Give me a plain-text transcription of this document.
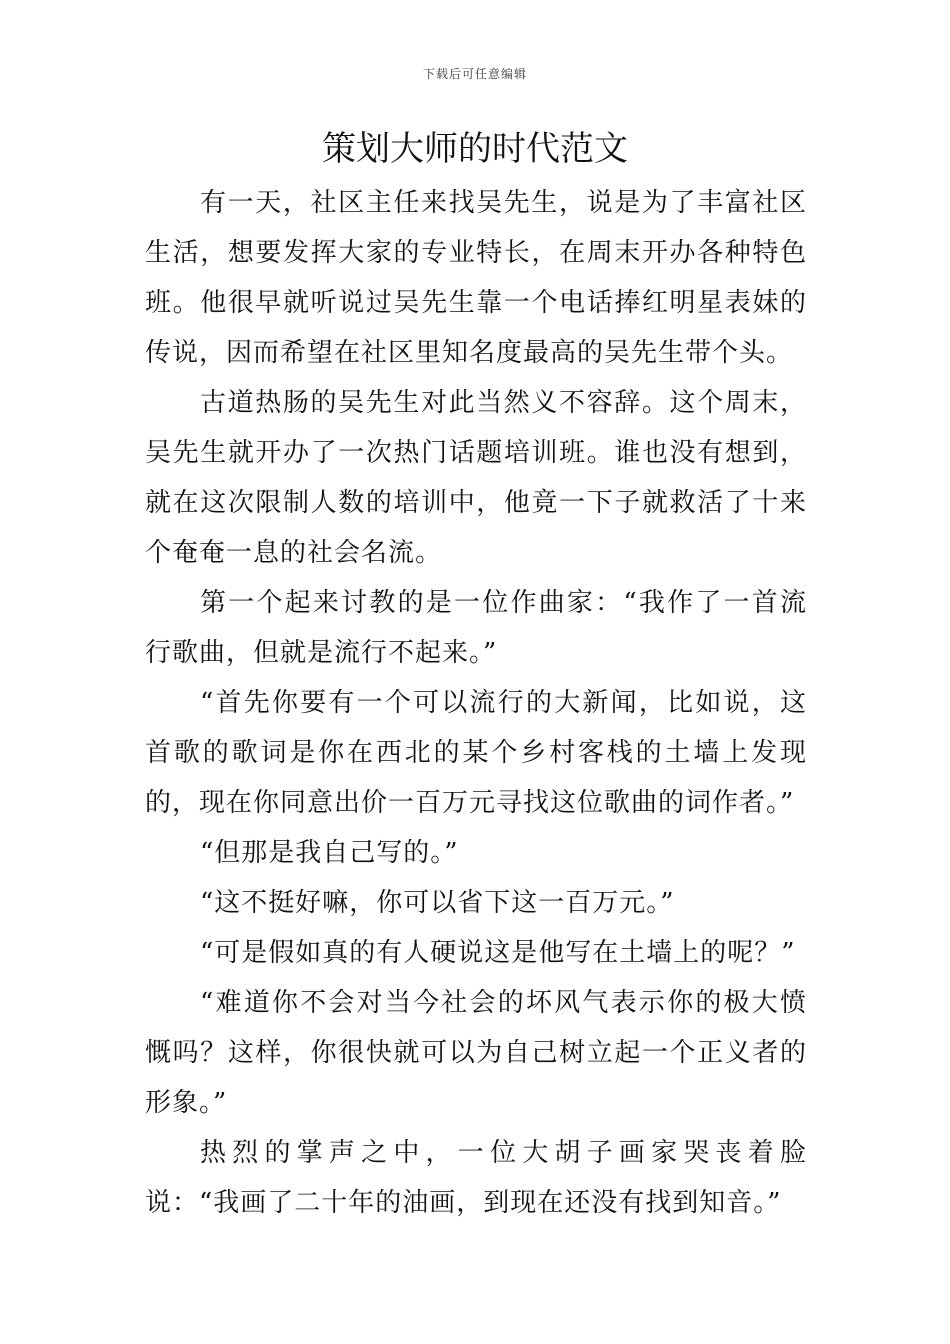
下载后可任意编辑
策划大师的时代范文

有一天，社区主任来找吴先生，说是为了丰富社区生活，想要发挥大家的专业特长，在周末开办各种特色班。他很早就听说过吴先生靠一个电话捧红明星表妹的传说，因而希望在社区里知名度最高的吴先生带个头。

古道热肠的吴先生对此当然义不容辞。这个周末，吴先生就开办了一次热门话题培训班。谁也没有想到，就在这次限制人数的培训中，他竟一下子就救活了十来个奄奄一息的社会名流。

第一个起来讨教的是一位作曲家：“我作了一首流行歌曲，但就是流行不起来。”

“首先你要有一个可以流行的大新闻，比如说，这首歌的歌词是你在西北的某个乡村客栈的土墙上发现的，现在你同意出价一百万元寻找这位歌曲的词作者。”

“但那是我自己写的。”

“这不挺好嘛，你可以省下这一百万元。”

“可是假如真的有人硬说这是他写在土墙上的呢？”

“难道你不会对当今社会的坏风气表示你的极大愤慨吗？这样，你很快就可以为自己树立起一个正义者的形象。”

热烈的掌声之中，一位大胡子画家哭丧着脸说：“我画了二十年的油画，到现在还没有找到知音。”
